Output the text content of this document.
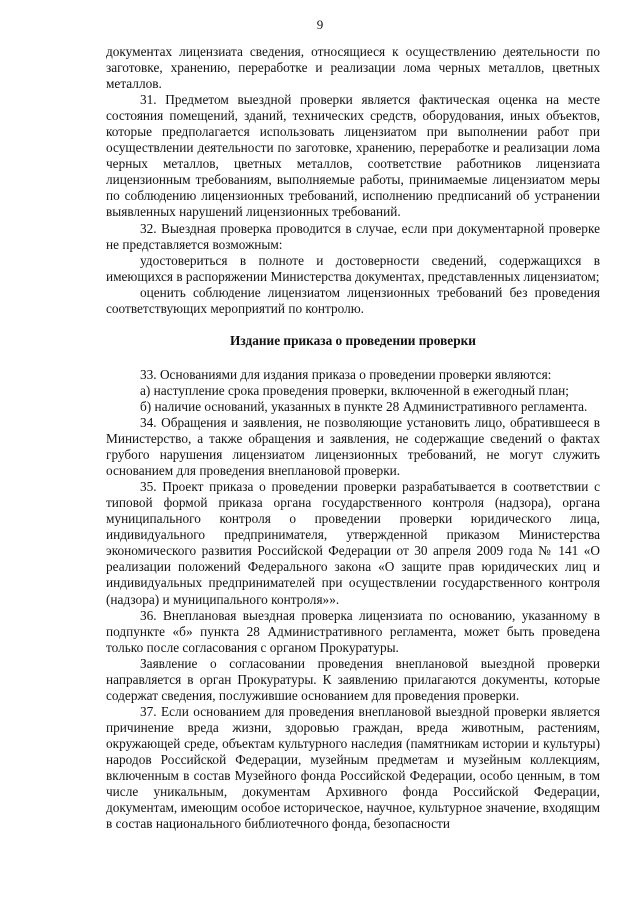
9

документах лицензиата сведения, относящиеся к осуществлению деятельности по заготовке, хранению, переработке и реализации лома черных металлов, цветных металлов.

31. Предметом выездной проверки является фактическая оценка на месте состояния помещений, зданий, технических средств, оборудования, иных объектов, которые предполагается использовать лицензиатом при выполнении работ при осуществлении деятельности по заготовке, хранению, переработке и реализации лома черных металлов, цветных металлов, соответствие работников лицензиата лицензионным требованиям, выполняемые работы, принимаемые лицензиатом меры по соблюдению лицензионных требований, исполнению предписаний об устранении выявленных нарушений лицензионных требований.

32. Выездная проверка проводится в случае, если при документарной проверке не представляется возможным:

удостовериться в полноте и достоверности сведений, содержащихся в имеющихся в распоряжении Министерства документах, представленных лицензиатом;

оценить соблюдение лицензиатом лицензионных требований без проведения соответствующих мероприятий по контролю.

Издание приказа о проведении проверки

33. Основаниями для издания приказа о проведении проверки являются:

а) наступление срока проведения проверки, включенной в ежегодный план;

б) наличие оснований, указанных в пункте 28 Административного регламента.

34. Обращения и заявления, не позволяющие установить лицо, обратившееся в Министерство, а также обращения и заявления, не содержащие сведений о фактах грубого нарушения лицензиатом лицензионных требований, не могут служить основанием для проведения внеплановой проверки.

35. Проект приказа о проведении проверки разрабатывается в соответствии с типовой формой приказа органа государственного контроля (надзора), органа муниципального контроля о проведении проверки юридического лица, индивидуального предпринимателя, утвержденной приказом Министерства экономического развития Российской Федерации от 30 апреля 2009 года № 141 «О реализации положений Федерального закона «О защите прав юридических лиц и индивидуальных предпринимателей при осуществлении государственного контроля (надзора) и муниципального контроля»».

36. Внеплановая выездная проверка лицензиата по основанию, указанному в подпункте «б» пункта 28 Административного регламента, может быть проведена только после согласования с органом Прокуратуры.

Заявление о согласовании проведения внеплановой выездной проверки направляется в орган Прокуратуры. К заявлению прилагаются документы, которые содержат сведения, послужившие основанием для проведения проверки.

37. Если основанием для проведения внеплановой выездной проверки является причинение вреда жизни, здоровью граждан, вреда животным, растениям, окружающей среде, объектам культурного наследия (памятникам истории и культуры) народов Российской Федерации, музейным предметам и музейным коллекциям, включенным в состав Музейного фонда Российской Федерации, особо ценным, в том числе уникальным, документам Архивного фонда Российской Федерации, документам, имеющим особое историческое, научное, культурное значение, входящим в состав национального библиотечного фонда, безопасности
